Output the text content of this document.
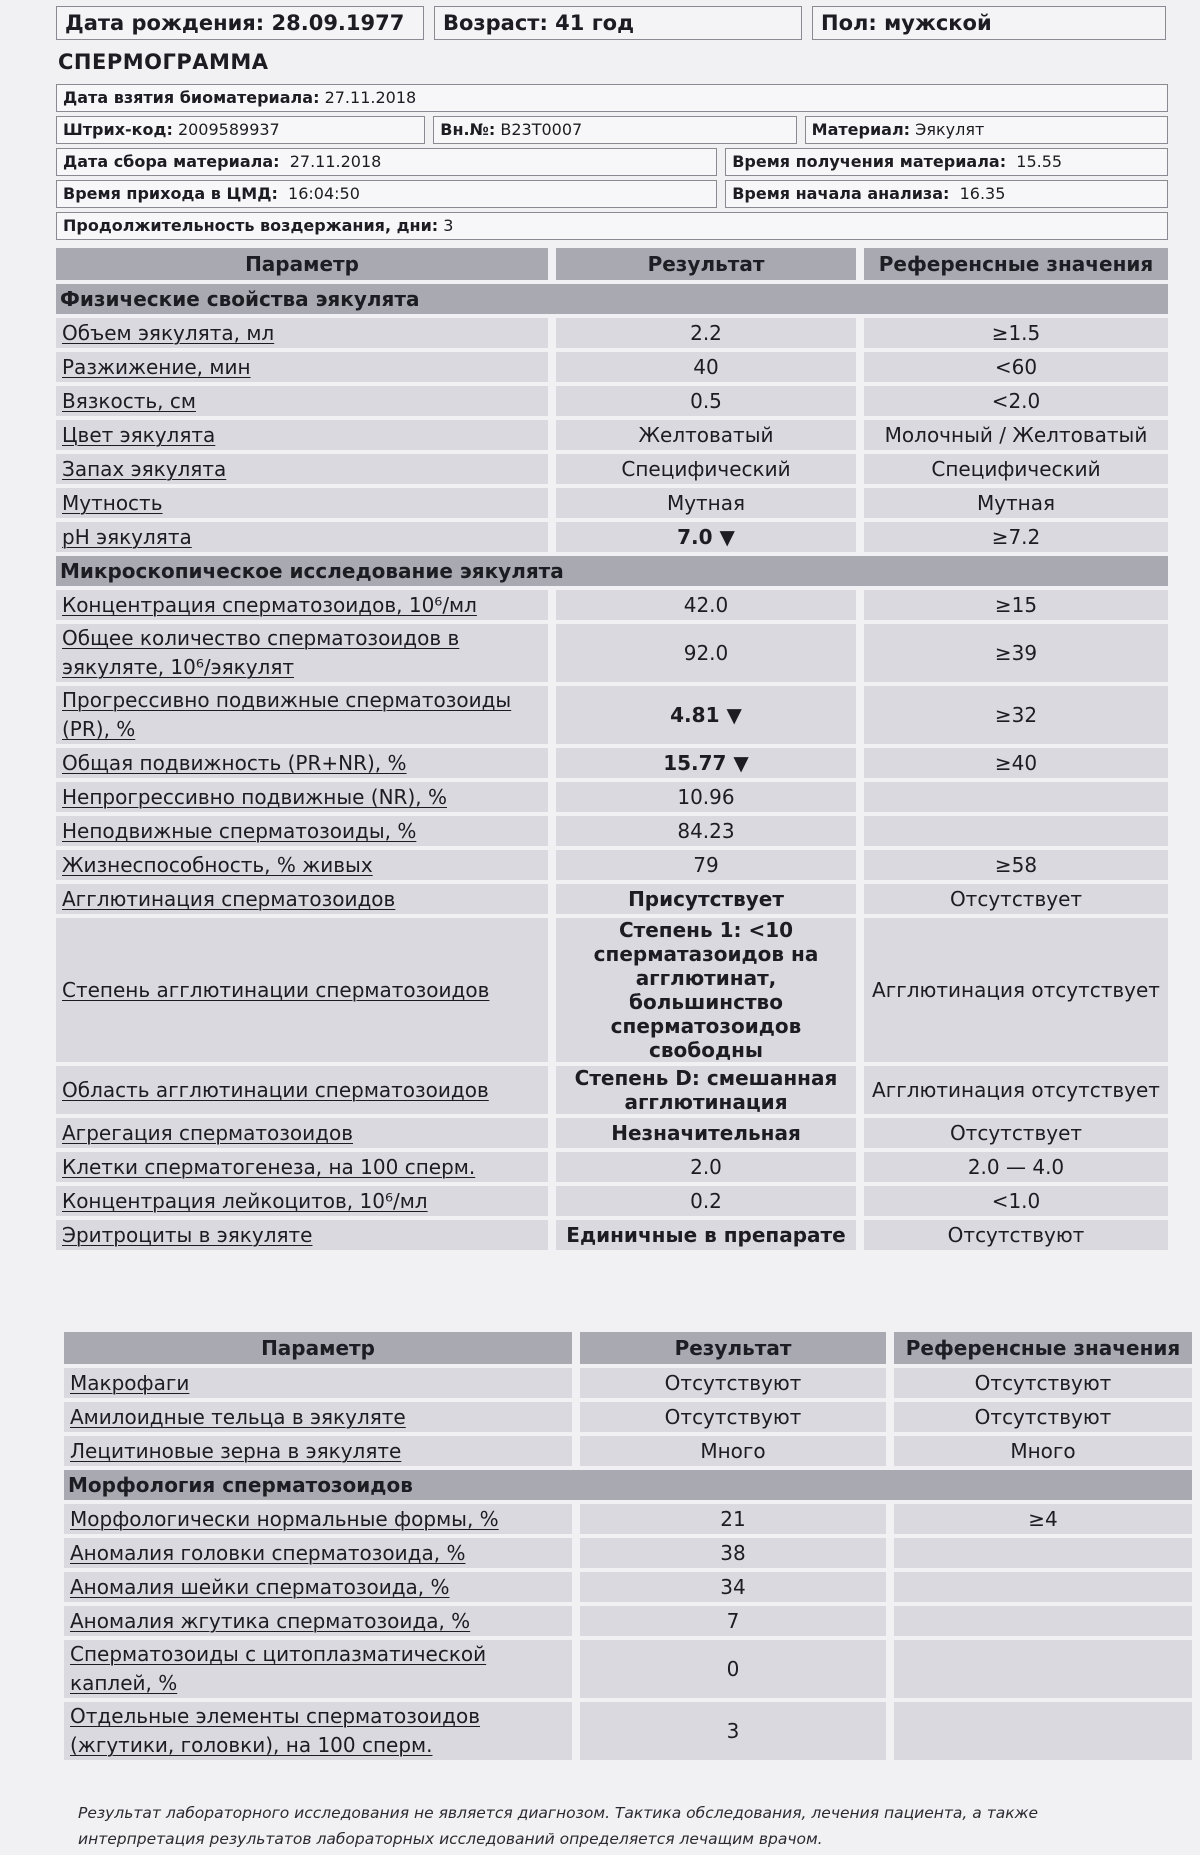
Дата рождения: 28.09.1977	Возраст: 41 год	Пол: мужской
СПЕРМОГРАММА
Дата взятия биоматериала: 27.11.2018
Штрих-код: 2009589937	Вн.№: B23T0007	Материал: Эякулят
Дата сбора материала: 27.11.2018	Время получения материала: 15.55
Время прихода в ЦМД: 16:04:50	Время начала анализа: 16.35
Продолжительность воздержания, дни: 3
Параметр		Результат		Референсные значения
Физические свойства эякулята				
Объем эякулята, мл		2.2		≥1.5
Разжижение, мин		40		<60
Вязкость, см		0.5		<2.0
Цвет эякулята		Желтоватый		Молочный / Желтоватый
Запах эякулята		Специфический		Специфический
Мутность		Мутная		Мутная
pH эякулята		7.0 ▼		≥7.2
Микроскопическое исследование эякулята				
Концентрация сперматозоидов, 10⁶/мл		42.0		≥15
Общее количество сперматозоидов в эякуляте, 10⁶/эякулят		92.0		≥39
Прогрессивно подвижные сперматозоиды (PR), %		4.81 ▼		≥32
Общая подвижность (PR+NR), %		15.77 ▼		≥40
Непрогрессивно подвижные (NR), %		10.96		
Неподвижные сперматозоиды, %		84.23		
Жизнеспособность, % живых		79		≥58
Агглютинация сперматозоидов		Присутствует		Отсутствует
Степень агглютинации сперматозоидов		Степень 1: <10 спермaтазоидов на агглютинат, большинство сперматозоидов свободны		Агглютинация отсутствует
Область агглютинации сперматозоидов		Степень D: смешанная агглютинация		Агглютинация отсутствует
Агрегация сперматозоидов		Незначительная		Отсутствует
Клетки сперматогенеза, на 100 сперм.		2.0		2.0 — 4.0
Концентрация лейкоцитов, 10⁶/мл		0.2		<1.0
Эритроциты в эякуляте		Единичные в препарате		Отсутствуют
Параметр		Результат		Референсные значения
Макрофаги		Отсутствуют		Отсутствуют
Амилоидные тельца в эякуляте		Отсутствуют		Отсутствуют
Лецитиновые зерна в эякуляте		Много		Много
Морфология сперматозоидов				
Морфологически нормальные формы, %		21		≥4
Аномалия головки сперматозоида, %		38		
Аномалия шейки сперматозоида, %		34		
Аномалия жгутика сперматозоида, %		7		
Сперматозоиды с цитоплазматической каплей, %		0		
Отдельные элементы сперматозоидов (жгутики, головки), на 100 сперм.		3		
Результат лабораторного исследования не является диагнозом. Тактика обследования, лечения пациента, а также интерпретация результатов лабораторных исследований определяется лечащим врачом.
